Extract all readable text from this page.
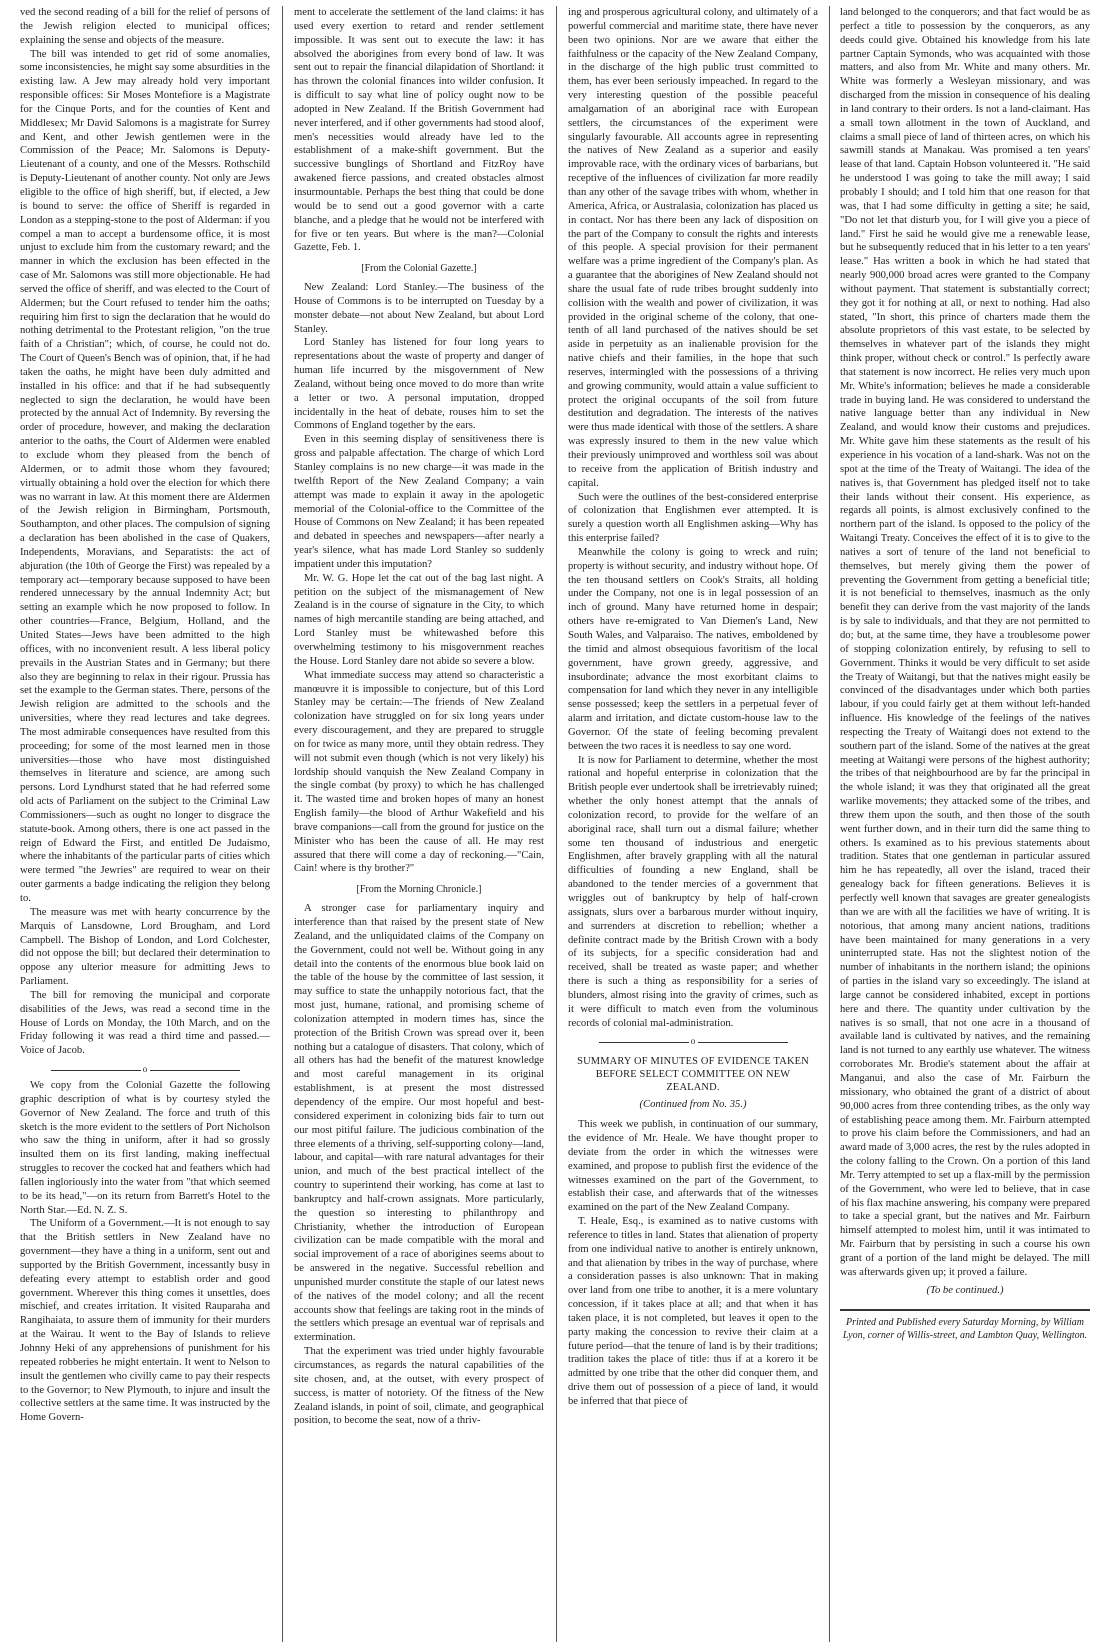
ved the second reading of a bill for the relief of persons of the Jewish religion elected to municipal offices; explaining the sense and objects of the measure.

The bill was intended to get rid of some anomalies, some inconsistencies, he might say some absurdities in the existing law. A Jew may already hold very important responsible offices: Sir Moses Montefiore is a Magistrate for the Cinque Ports, and for the counties of Kent and Middlesex; Mr David Salomons is a magistrate for Surrey and Kent, and other Jewish gentlemen were in the Commission of the Peace; Mr. Salomons is Deputy-Lieutenant of a county, and one of the Messrs. Rothschild is Deputy-Lieutenant of another county. Not only are Jews eligible to the office of high sheriff, but, if elected, a Jew is bound to serve: the office of Sheriff is regarded in London as a stepping-stone to the post of Alderman: if you compel a man to accept a burdensome office, it is most unjust to exclude him from the customary reward; and the manner in which the exclusion has been effected in the case of Mr. Salomons was still more objectionable. He had served the office of sheriff, and was elected to the Court of Aldermen; but the Court refused to tender him the oaths; requiring him first to sign the declaration that he would do nothing detrimental to the Protestant religion, "on the true faith of a Christian"; which, of course, he could not do. The Court of Queen's Bench was of opinion, that, if he had taken the oaths, he might have been duly admitted and installed in his office: and that if he had subsequently neglected to sign the declaration, he would have been protected by the annual Act of Indemnity. By reversing the order of procedure, however, and making the declaration anterior to the oaths, the Court of Aldermen were enabled to exclude whom they pleased from the bench of Aldermen, or to admit those whom they favoured; virtually obtaining a hold over the election for which there was no warrant in law. At this moment there are Aldermen of the Jewish religion in Birmingham, Portsmouth, Southampton, and other places. The compulsion of signing a declaration has been abolished in the case of Quakers, Independents, Moravians, and Separatists: the act of abjuration (the 10th of George the First) was repealed by a temporary act—temporary because supposed to have been rendered unnecessary by the annual Indemnity Act; but setting an example which he now proposed to follow. In other countries—France, Belgium, Holland, and the United States—Jews have been admitted to the high offices, with no inconvenient result. A less liberal policy prevails in the Austrian States and in Germany; but there also they are beginning to relax in their rigour. Prussia has set the example to the German states. There, persons of the Jewish religion are admitted to the schools and the universities, where they read lectures and take degrees. The most admirable consequences have resulted from this proceeding; for some of the most learned men in those universities—those who have most distinguished themselves in literature and science, are among such persons. Lord Lyndhurst stated that he had referred some old acts of Parliament on the subject to the Criminal Law Commissioners—such as ought no longer to disgrace the statute-book. Among others, there is one act passed in the reign of Edward the First, and entitled De Judaismo, where the inhabitants of the particular parts of cities which were termed "the Jewries" are required to wear on their outer garments a badge indicating the religion they belong to.

The measure was met with hearty concurrence by the Marquis of Lansdowne, Lord Brougham, and Lord Campbell. The Bishop of London, and Lord Colchester, did not oppose the bill; but declared their determination to oppose any ulterior measure for admitting Jews to Parliament.

The bill for removing the municipal and corporate disabilities of the Jews, was read a second time in the House of Lords on Monday, the 10th March, and on the Friday following it was read a third time and passed.—Voice of Jacob.

o

We copy from the Colonial Gazette the following graphic description of what is by courtesy styled the Governor of New Zealand. The force and truth of this sketch is the more evident to the settlers of Port Nicholson who saw the thing in uniform, after it had so grossly insulted them on its first landing, making ineffectual struggles to recover the cocked hat and feathers which had fallen ingloriously into the water from "that which seemed to be its head,"—on its return from Barrett's Hotel to the North Star.—Ed. N. Z. S.

The Uniform of a Government.—It is not enough to say that the British settlers in New Zealand have no government—they have a thing in a uniform, sent out and supported by the British Government, incessantly busy in defeating every attempt to establish order and good government. Wherever this thing comes it unsettles, does mischief, and creates irritation. It visited Rauparaha and Rangihaiata, to assure them of immunity for their murders at the Wairau. It went to the Bay of Islands to relieve Johnny Heki of any apprehensions of punishment for his repeated robberies he might entertain. It went to Nelson to insult the gentlemen who civilly came to pay their respects to the Governor; to New Plymouth, to injure and insult the collective settlers at the same time. It was instructed by the Home Govern-

ment to accelerate the settlement of the land claims: it has used every exertion to retard and render settlement impossible. It was sent out to execute the law: it has absolved the aborigines from every bond of law. It was sent out to repair the financial dilapidation of Shortland: it has thrown the colonial finances into wilder confusion. It is difficult to say what line of policy ought now to be adopted in New Zealand. If the British Government had never interfered, and if other governments had stood aloof, men's necessities would already have led to the establishment of a make-shift government. But the successive bunglings of Shortland and FitzRoy have awakened fierce passions, and created obstacles almost insurmountable. Perhaps the best thing that could be done would be to send out a good governor with a carte blanche, and a pledge that he would not be interfered with for five or ten years. But where is the man?—Colonial Gazette, Feb. 1.

[From the Colonial Gazette.]

New Zealand: Lord Stanley.—The business of the House of Commons is to be interrupted on Tuesday by a monster debate—not about New Zealand, but about Lord Stanley.

Lord Stanley has listened for four long years to representations about the waste of property and danger of human life incurred by the misgovernment of New Zealand, without being once moved to do more than write a letter or two. A personal imputation, dropped incidentally in the heat of debate, rouses him to set the Commons of England together by the ears.

Even in this seeming display of sensitiveness there is gross and palpable affectation. The charge of which Lord Stanley complains is no new charge—it was made in the twelfth Report of the New Zealand Company; a vain attempt was made to explain it away in the apologetic memorial of the Colonial-office to the Committee of the House of Commons on New Zealand; it has been repeated and debated in speeches and newspapers—after nearly a year's silence, what has made Lord Stanley so suddenly impatient under this imputation?

Mr. W. G. Hope let the cat out of the bag last night. A petition on the subject of the mismanagement of New Zealand is in the course of signature in the City, to which names of high mercantile standing are being attached, and Lord Stanley must be whitewashed before this overwhelming testimony to his misgovernment reaches the House. Lord Stanley dare not abide so severe a blow.

What immediate success may attend so characteristic a manœuvre it is impossible to conjecture, but of this Lord Stanley may be certain:—The friends of New Zealand colonization have struggled on for six long years under every discouragement, and they are prepared to struggle on for twice as many more, until they obtain redress. They will not submit even though (which is not very likely) his lordship should vanquish the New Zealand Company in the single combat (by proxy) to which he has challenged it. The wasted time and broken hopes of many an honest English family—the blood of Arthur Wakefield and his brave companions—call from the ground for justice on the Minister who has been the cause of all. He may rest assured that there will come a day of reckoning.—"Cain, Cain! where is thy brother?"

[From the Morning Chronicle.]

A stronger case for parliamentary inquiry and interference than that raised by the present state of New Zealand, and the unliquidated claims of the Company on the Government, could not well be. Without going in any detail into the contents of the enormous blue book laid on the table of the house by the committee of last session, it may suffice to state the unhappily notorious fact, that the most just, humane, rational, and promising scheme of colonization attempted in modern times has, since the protection of the British Crown was spread over it, been nothing but a catalogue of disasters. That colony, which of all others has had the benefit of the maturest knowledge and most careful management in its original establishment, is at present the most distressed dependency of the empire. Our most hopeful and best-considered experiment in colonizing bids fair to turn out our most pitiful failure. The judicious combination of the three elements of a thriving, self-supporting colony—land, labour, and capital—with rare natural advantages for their union, and much of the best practical intellect of the country to superintend their working, has come at last to bankruptcy and half-crown assignats. More particularly, the question so interesting to philanthropy and Christianity, whether the introduction of European civilization can be made compatible with the moral and social improvement of a race of aborigines seems about to be answered in the negative. Successful rebellion and unpunished murder constitute the staple of our latest news of the natives of the model colony; and all the recent accounts show that feelings are taking root in the minds of the settlers which presage an eventual war of reprisals and extermination.

That the experiment was tried under highly favourable circumstances, as regards the natural capabilities of the site chosen, and, at the outset, with every prospect of success, is matter of notoriety. Of the fitness of the New Zealand islands, in point of soil, climate, and geographical position, to become the seat, now of a thriv-

ing and prosperous agricultural colony, and ultimately of a powerful commercial and maritime state, there have never been two opinions. Nor are we aware that either the faithfulness or the capacity of the New Zealand Company, in the discharge of the high public trust committed to them, has ever been seriously impeached. In regard to the very interesting question of the possible peaceful amalgamation of an aboriginal race with European settlers, the circumstances of the experiment were singularly favourable. All accounts agree in representing the natives of New Zealand as a superior and easily improvable race, with the ordinary vices of barbarians, but receptive of the influences of civilization far more readily than any other of the savage tribes with whom, whether in America, Africa, or Australasia, colonization has placed us in contact. Nor has there been any lack of disposition on the part of the Company to consult the rights and interests of this people. A special provision for their permanent welfare was a prime ingredient of the Company's plan. As a guarantee that the aborigines of New Zealand should not share the usual fate of rude tribes brought suddenly into collision with the wealth and power of civilization, it was provided in the original scheme of the colony, that one-tenth of all land purchased of the natives should be set aside in perpetuity as an inalienable provision for the native chiefs and their families, in the hope that such reserves, intermingled with the possessions of a thriving and growing community, would attain a value sufficient to protect the original occupants of the soil from future destitution and degradation. The interests of the natives were thus made identical with those of the settlers. A share was expressly insured to them in the new value which their previously unimproved and worthless soil was about to receive from the application of British industry and capital.

Such were the outlines of the best-considered enterprise of colonization that Englishmen ever attempted. It is surely a question worth all Englishmen asking—Why has this enterprise failed?

Meanwhile the colony is going to wreck and ruin; property is without security, and industry without hope. Of the ten thousand settlers on Cook's Straits, all holding under the Company, not one is in legal possession of an inch of ground. Many have returned home in despair; others have re-emigrated to Van Diemen's Land, New South Wales, and Valparaiso. The natives, emboldened by the timid and almost obsequious favoritism of the local government, have grown greedy, aggressive, and insubordinate; advance the most exorbitant claims to compensation for land which they never in any intelligible sense possessed; keep the settlers in a perpetual fever of alarm and irritation, and dictate custom-house law to the Governor. Of the state of feeling becoming prevalent between the two races it is needless to say one word.

It is now for Parliament to determine, whether the most rational and hopeful enterprise in colonization that the British people ever undertook shall be irretrievably ruined; whether the only honest attempt that the annals of colonization record, to provide for the welfare of an aboriginal race, shall turn out a dismal failure; whether some ten thousand of industrious and energetic Englishmen, after bravely grappling with all the natural difficulties of founding a new England, shall be abandoned to the tender mercies of a government that wriggles out of bankruptcy by help of half-crown assignats, slurs over a barbarous murder without inquiry, and surrenders at discretion to rebellion; whether a definite contract made by the British Crown with a body of its subjects, for a specific consideration had and received, shall be treated as waste paper; and whether there is such a thing as responsibility for a series of blunders, almost rising into the gravity of crimes, such as it were difficult to match even from the voluminous records of colonial mal-administration.

o
SUMMARY OF MINUTES OF EVIDENCE TAKEN BEFORE SELECT COMMITTEE ON NEW ZEALAND.
(Continued from No. 35.)

This week we publish, in continuation of our summary, the evidence of Mr. Heale. We have thought proper to deviate from the order in which the witnesses were examined, and propose to publish first the evidence of the witnesses examined on the part of the Government, to establish their case, and afterwards that of the witnesses examined on the part of the New Zealand Company.

T. Heale, Esq., is examined as to native customs with reference to titles in land. States that alienation of property from one individual native to another is entirely unknown, and that alienation by tribes in the way of purchase, where a consideration passes is also unknown: That in making over land from one tribe to another, it is a mere voluntary concession, if it takes place at all; and that when it has taken place, it is not completed, but leaves it open to the party making the concession to revive their claim at a future period—that the tenure of land is by their traditions; tradition takes the place of title: thus if at a korero it be admitted by one tribe that the other did conquer them, and drive them out of possession of a piece of land, it would be inferred that that piece of

land belonged to the conquerors; and that fact would be as perfect a title to possession by the conquerors, as any deeds could give. Obtained his knowledge from his late partner Captain Symonds, who was acquainted with those matters, and also from Mr. White and many others. Mr. White was formerly a Wesleyan missionary, and was discharged from the mission in consequence of his dealing in land contrary to their orders. Is not a land-claimant. Has a small town allotment in the town of Auckland, and claims a small piece of land of thirteen acres, on which his sawmill stands at Manakau. Was promised a ten years' lease of that land. Captain Hobson volunteered it. "He said he understood I was going to take the mill away; I said probably I should; and I told him that one reason for that was, that I had some difficulty in getting a site; he said, "Do not let that disturb you, for I will give you a piece of land." First he said he would give me a renewable lease, but he subsequently reduced that in his letter to a ten years' lease." Has written a book in which he had stated that nearly 900,000 broad acres were granted to the Company without payment. That statement is substantially correct; they got it for nothing at all, or next to nothing. Had also stated, "In short, this prince of charters made them the absolute proprietors of this vast estate, to be selected by themselves in whatever part of the islands they might think proper, without check or control." Is perfectly aware that statement is now incorrect. He relies very much upon Mr. White's information; believes he made a considerable trade in buying land. He was considered to understand the native language better than any individual in New Zealand, and would know their customs and prejudices. Mr. White gave him these statements as the result of his experience in his vocation of a land-shark. Was not on the spot at the time of the Treaty of Waitangi. The idea of the natives is, that Government has pledged itself not to take their lands without their consent. His experience, as regards all points, is almost exclusively confined to the northern part of the island. Is opposed to the policy of the Waitangi Treaty. Conceives the effect of it is to give to the natives a sort of tenure of the land not beneficial to themselves, but merely giving them the power of preventing the Government from getting a beneficial title; it is not beneficial to themselves, inasmuch as the only benefit they can derive from the vast majority of the lands is by sale to individuals, and that they are not permitted to do; but, at the same time, they have a troublesome power of stopping colonization entirely, by refusing to sell to Government. Thinks it would be very difficult to set aside the Treaty of Waitangi, but that the natives might easily be convinced of the disadvantages under which both parties labour, if you could fairly get at them without left-handed influence. His knowledge of the feelings of the natives respecting the Treaty of Waitangi does not extend to the southern part of the island. Some of the natives at the great meeting at Waitangi were persons of the highest authority; the tribes of that neighbourhood are by far the principal in the whole island; it was they that originated all the great warlike movements; they attacked some of the tribes, and threw them upon the south, and then those of the south went further down, and in their turn did the same thing to others. Is examined as to his previous statements about tradition. States that one gentleman in particular assured him he has repeatedly, all over the island, traced their genealogy back for fifteen generations. Believes it is perfectly well known that savages are greater genealogists than we are with all the facilities we have of writing. It is notorious, that among many ancient nations, traditions have been maintained for many generations in a very uninterrupted state. Has not the slightest notion of the number of inhabitants in the northern island; the opinions of parties in the island vary so exceedingly. The island at large cannot be considered inhabited, except in portions here and there. The quantity under cultivation by the natives is so small, that not one acre in a thousand of available land is cultivated by natives, and the remaining land is not turned to any earthly use whatever. The witness corroborates Mr. Brodie's statement about the affair at Manganui, and also the case of Mr. Fairburn the missionary, who obtained the grant of a district of about 90,000 acres from three contending tribes, as the only way of establishing peace among them. Mr. Fairburn attempted to prove his claim before the Commissioners, and had an award made of 3,000 acres, the rest by the rules adopted in the colony falling to the Crown. On a portion of this land Mr. Terry attempted to set up a flax-mill by the permission of the Government, who were led to believe, that in case of his flax machine answering, his company were prepared to take a special grant, but the natives and Mr. Fairburn himself attempted to molest him, until it was intimated to Mr. Fairburn that by persisting in such a course his own grant of a portion of the land might be delayed. The mill was afterwards given up; it proved a failure.

(To be continued.)
Printed and Published every Saturday Morning, by William Lyon, corner of Willis-street, and Lambton Quay, Wellington.
